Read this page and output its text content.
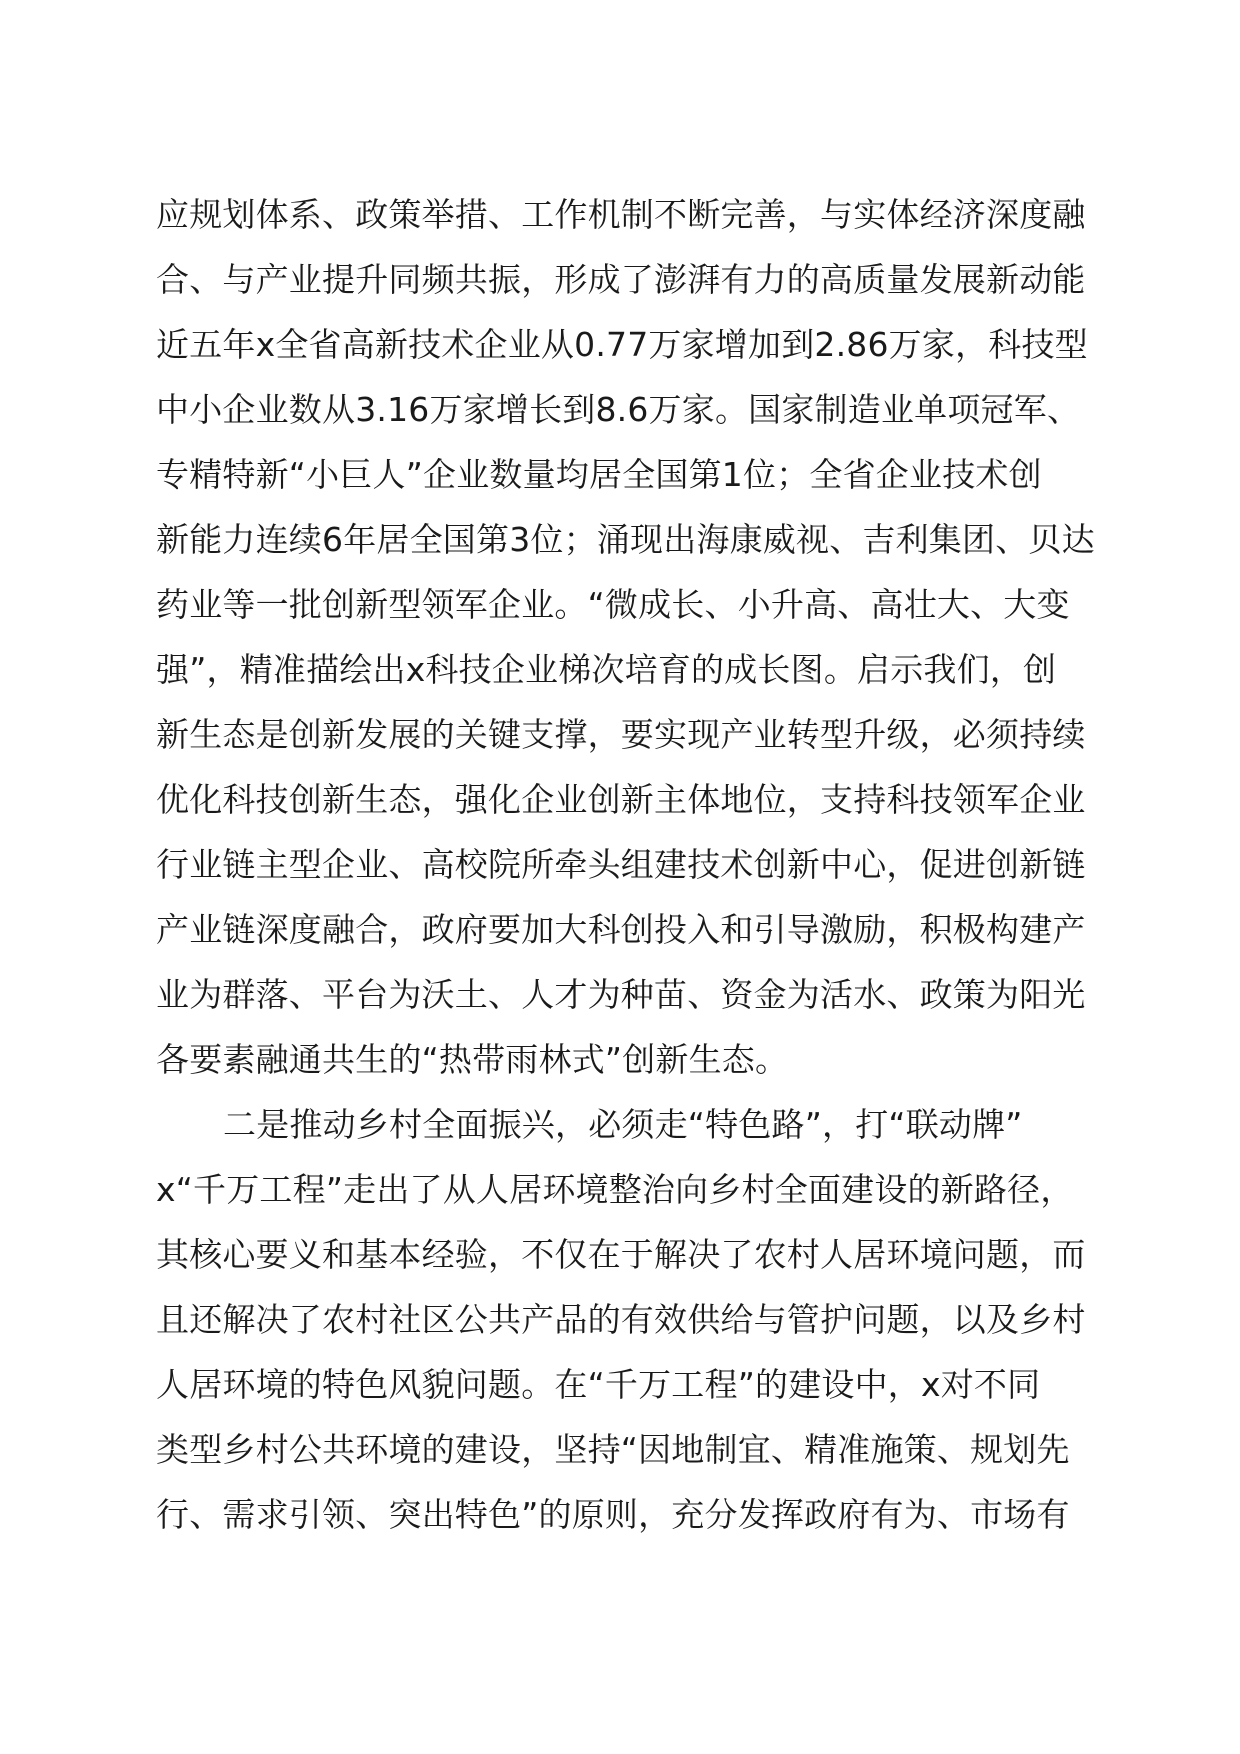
应规划体系、政策举措、工作机制不断完善，与实体经济深度融
合、与产业提升同频共振，形成了澎湃有力的高质量发展新动能
近五年x全省高新技术企业从0.77万家增加到2.86万家，科技型
中小企业数从3.16万家增长到8.6万家。国家制造业单项冠军、
专精特新“小巨人”企业数量均居全国第1位；全省企业技术创
新能力连续6年居全国第3位；涌现出海康威视、吉利集团、贝达
药业等一批创新型领军企业。“微成长、小升高、高壮大、大变
强”，精准描绘出x科技企业梯次培育的成长图。启示我们，创
新生态是创新发展的关键支撑，要实现产业转型升级，必须持续
优化科技创新生态，强化企业创新主体地位，支持科技领军企业
行业链主型企业、高校院所牵头组建技术创新中心，促进创新链
产业链深度融合，政府要加大科创投入和引导激励，积极构建产
业为群落、平台为沃土、人才为种苗、资金为活水、政策为阳光
各要素融通共生的“热带雨林式”创新生态。
二是推动乡村全面振兴，必须走“特色路”，打“联动牌”
x“千万工程”走出了从人居环境整治向乡村全面建设的新路径，
其核心要义和基本经验，不仅在于解决了农村人居环境问题，而
且还解决了农村社区公共产品的有效供给与管护问题，以及乡村
人居环境的特色风貌问题。在“千万工程”的建设中，x对不同
类型乡村公共环境的建设，坚持“因地制宜、精准施策、规划先
行、需求引领、突出特色”的原则，充分发挥政府有为、市场有
